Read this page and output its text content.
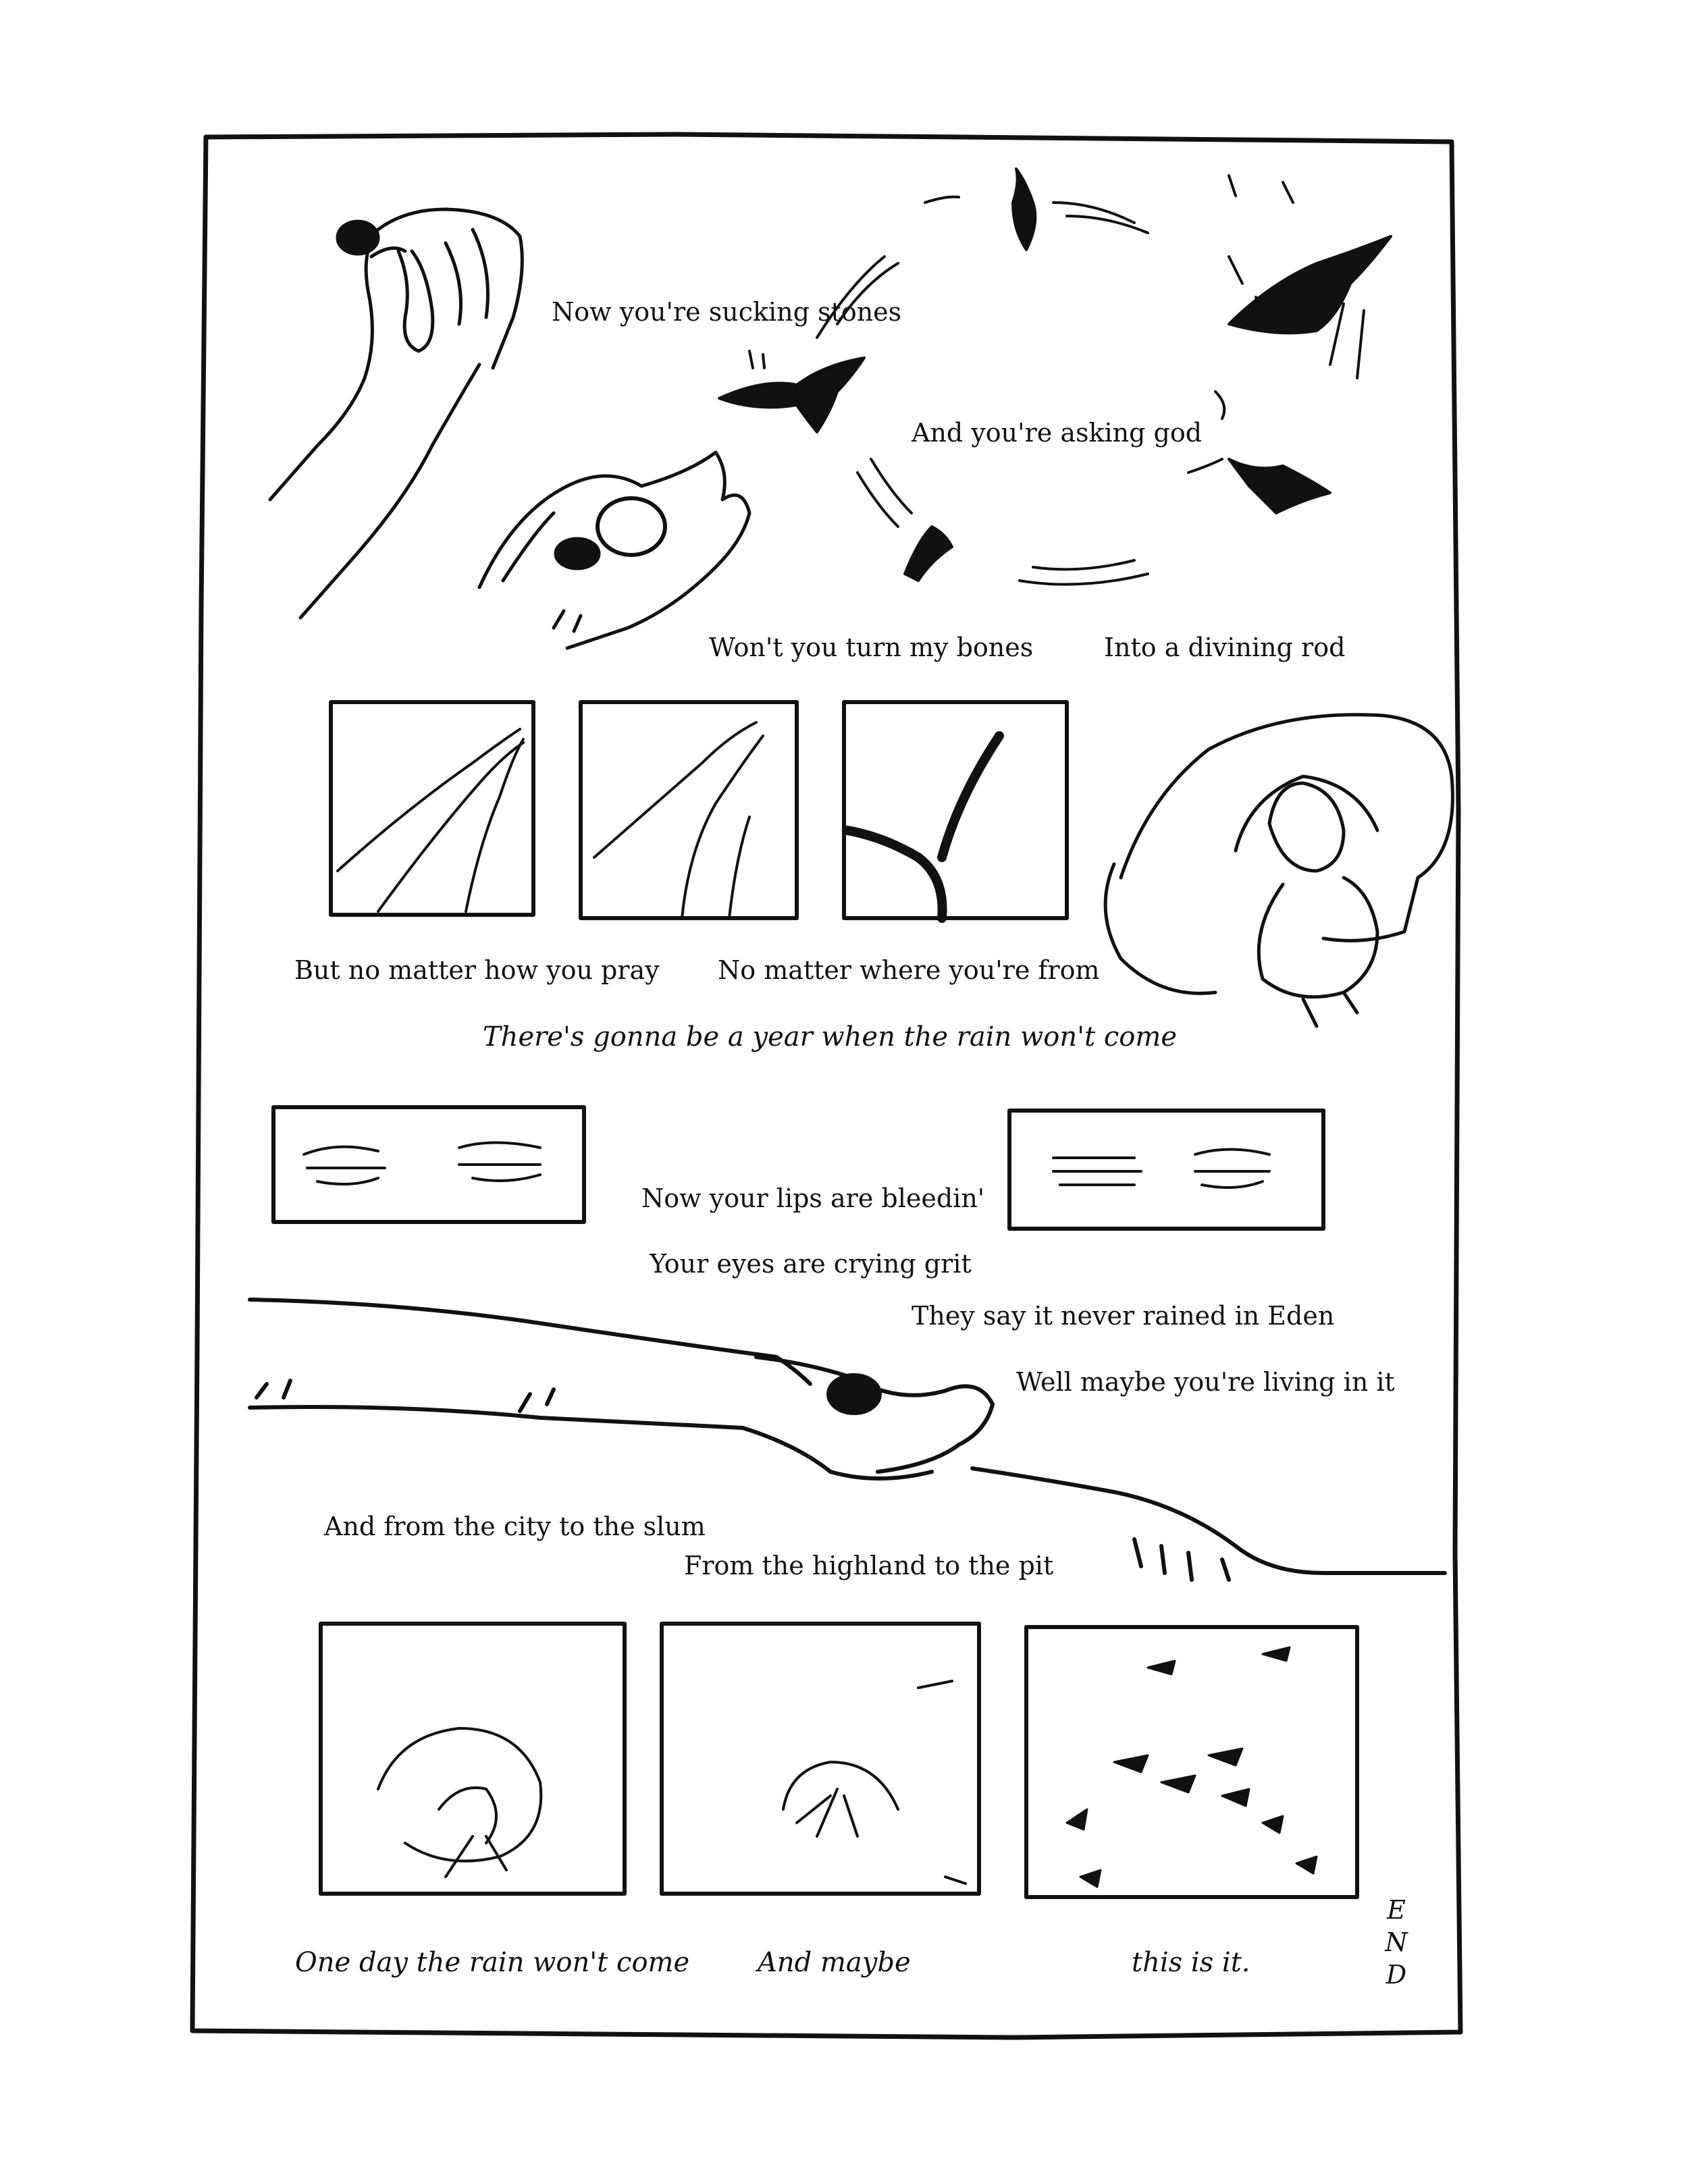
Now you're sucking stones
And you're asking god
Won't you turn my bones	Into a divining rod
But no matter how you pray No matter where you're from
There's gonna be a year when the rain won't come
Now your lips are bleedin'
Your eyes are crying grit
They say it never rained in Eden
Well maybe you're living in it
And from the city to the slum
From the highland to the pit
One day the rain won't come	And maybe	this is it.
E
N
D
